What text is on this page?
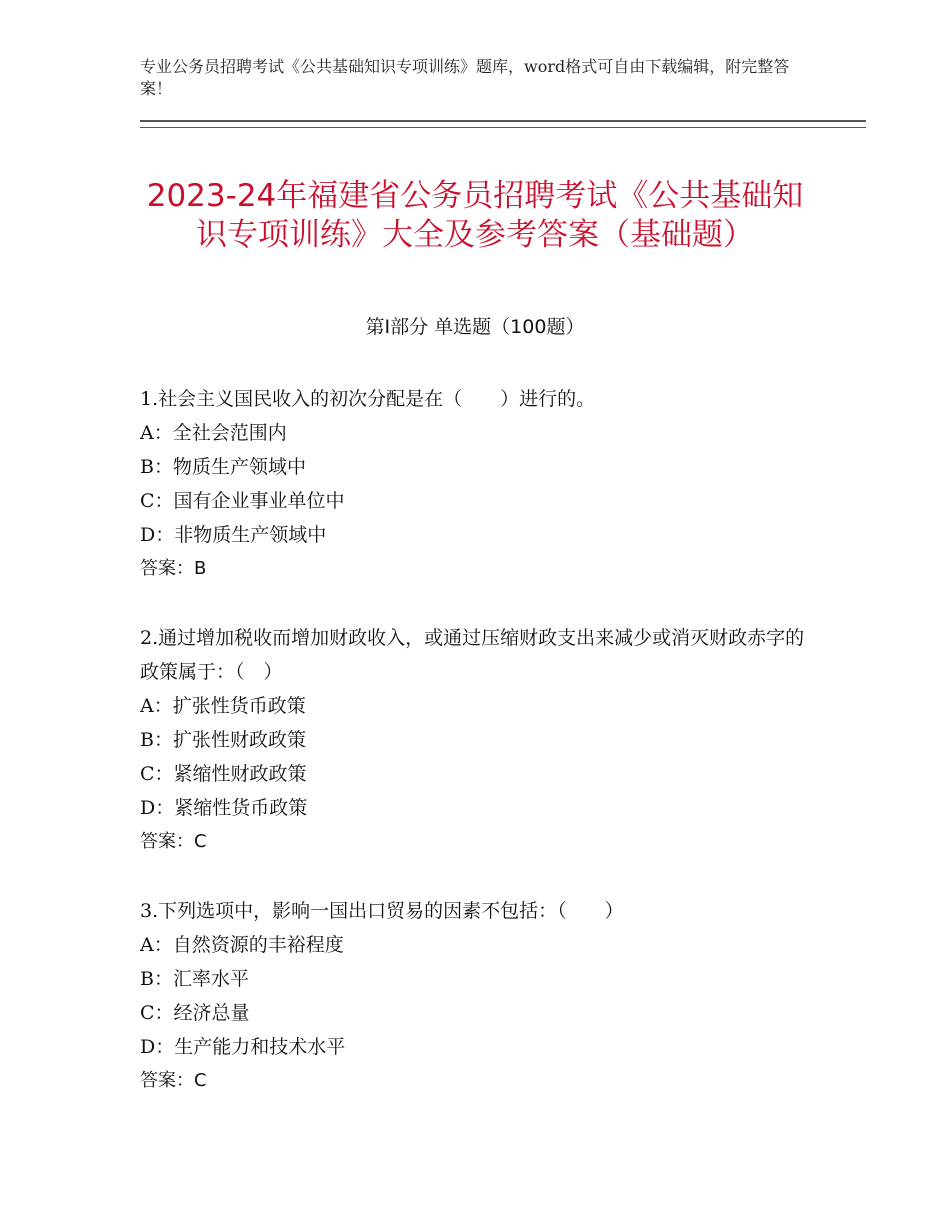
专业公务员招聘考试《公共基础知识专项训练》题库，word格式可自由下载编辑，附完整答案！
2023-24年福建省公务员招聘考试《公共基础知识专项训练》大全及参考答案（基础题）
第Ⅰ部分 单选题（100题）
1.社会主义国民收入的初次分配是在（　　）进行的。
A：全社会范围内
B：物质生产领域中
C：国有企业事业单位中
D：非物质生产领域中
答案：B
2.通过增加税收而增加财政收入，或通过压缩财政支出来减少或消灭财政赤字的政策属于：（　）
A：扩张性货币政策
B：扩张性财政政策
C：紧缩性财政政策
D：紧缩性货币政策
答案：C
3.下列选项中，影响一国出口贸易的因素不包括：（　　）
A：自然资源的丰裕程度
B：汇率水平
C：经济总量
D：生产能力和技术水平
答案：C
